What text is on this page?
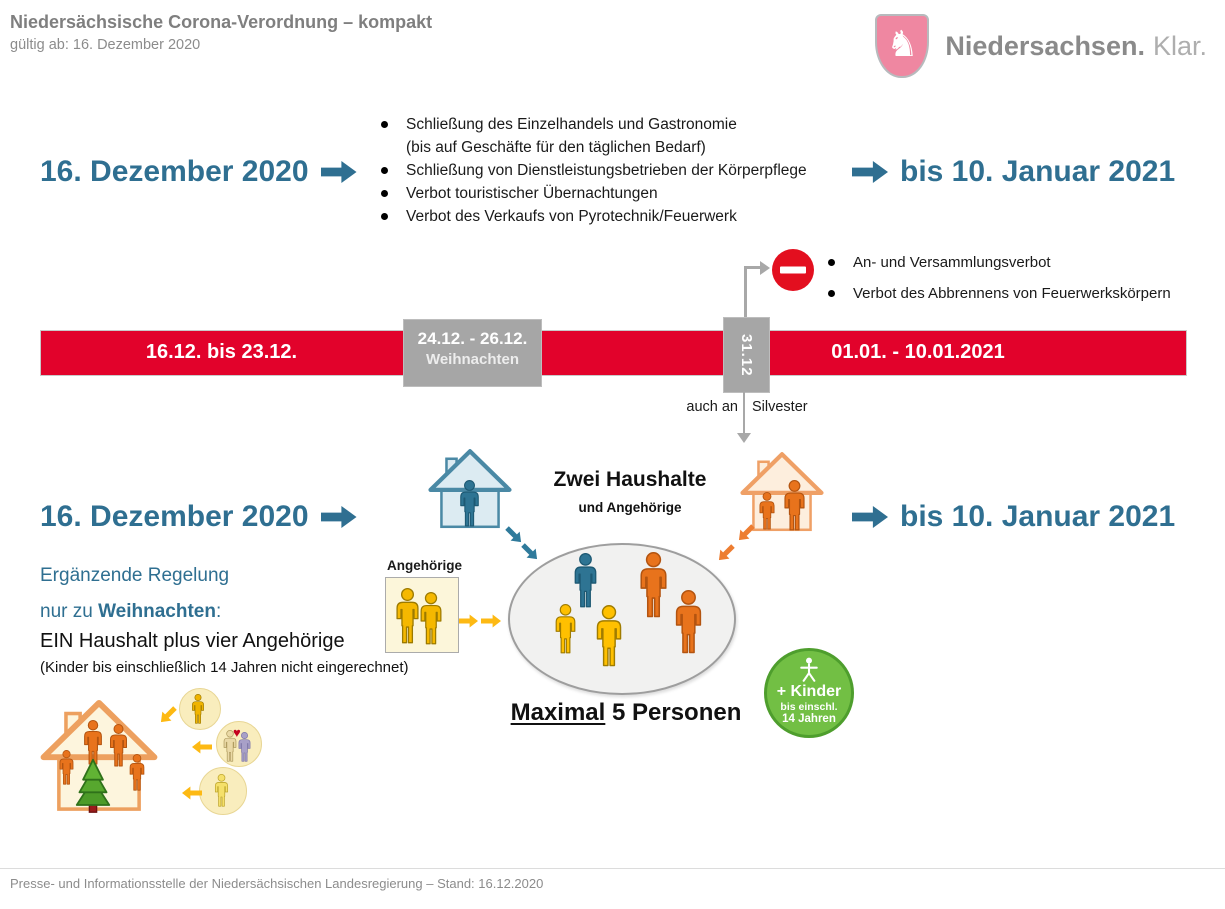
Niedersächsische Corona-Verordnung – kompakt
gültig ab: 16. Dezember 2020	♞ Niedersachsen. Klar.
16. Dezember 2020
Schließung des Einzelhandels und Gastronomie
(bis auf Geschäfte für den täglichen Bedarf)
Schließung von Dienstleistungsbetrieben der Körperpflege
Verbot touristischer Übernachtungen
Verbot des Verkaufs von Pyrotechnik/Feuerwerk
bis 10. Januar 2021
An- und Versammlungsverbot
Verbot des Abbrennens von Feuerwerkskörpern
16.12. bis 23.12.	01.01. - 10.01.2021
24.12. - 26.12.
Weihnachten	31.12
auch an Silvester
16. Dezember 2020	bis 10. Januar 2021
Zwei Haushalte
und Angehörige
Angehörige
Maximal 5 Personen
+ Kinder
bis einschl.
14 Jahren
Ergänzende Regelung
nur zu Weihnachten:
EIN Haushalt plus vier Angehörige
(Kinder bis einschließlich 14 Jahren nicht eingerechnet)
♥
Presse- und Informationsstelle der Niedersächsischen Landesregierung – Stand: 16.12.2020
